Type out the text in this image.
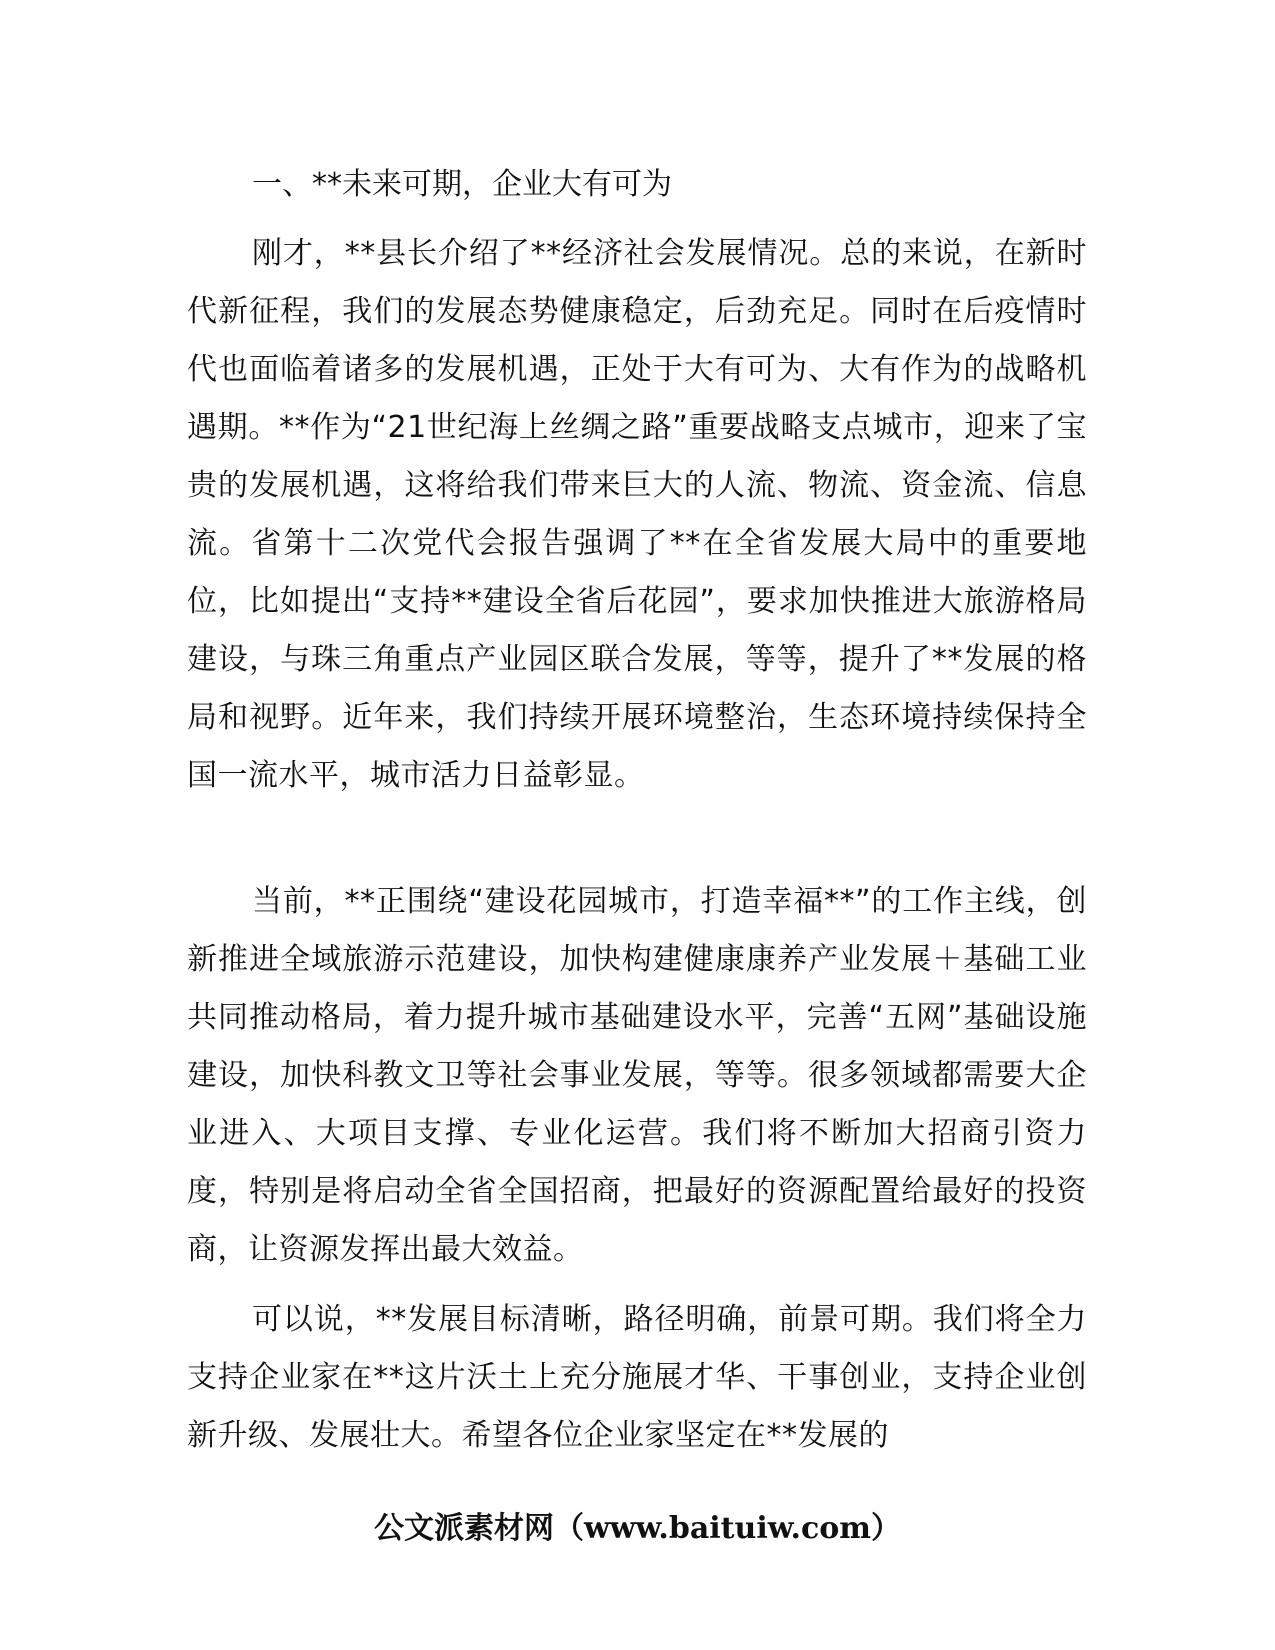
一、**未来可期，企业大有可为

刚才，**县长介绍了**经济社会发展情况。总的来说，在新时代新征程，我们的发展态势健康稳定，后劲充足。同时在后疫情时代也面临着诸多的发展机遇，正处于大有可为、大有作为的战略机遇期。**作为“21世纪海上丝绸之路”重要战略支点城市，迎来了宝贵的发展机遇，这将给我们带来巨大的人流、物流、资金流、信息流。省第十二次党代会报告强调了**在全省发展大局中的重要地位，比如提出“支持**建设全省后花园”，要求加快推进大旅游格局建设，与珠三角重点产业园区联合发展，等等，提升了**发展的格局和视野。近年来，我们持续开展环境整治，生态环境持续保持全国一流水平，城市活力日益彰显。

当前，**正围绕“建设花园城市，打造幸福**”的工作主线，创新推进全域旅游示范建设，加快构建健康康养产业发展＋基础工业共同推动格局，着力提升城市基础建设水平，完善“五网”基础设施建设，加快科教文卫等社会事业发展，等等。很多领域都需要大企业进入、大项目支撑、专业化运营。我们将不断加大招商引资力度，特别是将启动全省全国招商，把最好的资源配置给最好的投资商，让资源发挥出最大效益。

可以说，**发展目标清晰，路径明确，前景可期。我们将全力支持企业家在**这片沃土上充分施展才华、干事创业，支持企业创新升级、发展壮大。希望各位企业家坚定在**发展的

公文派素材网（www.baituiw.com）
